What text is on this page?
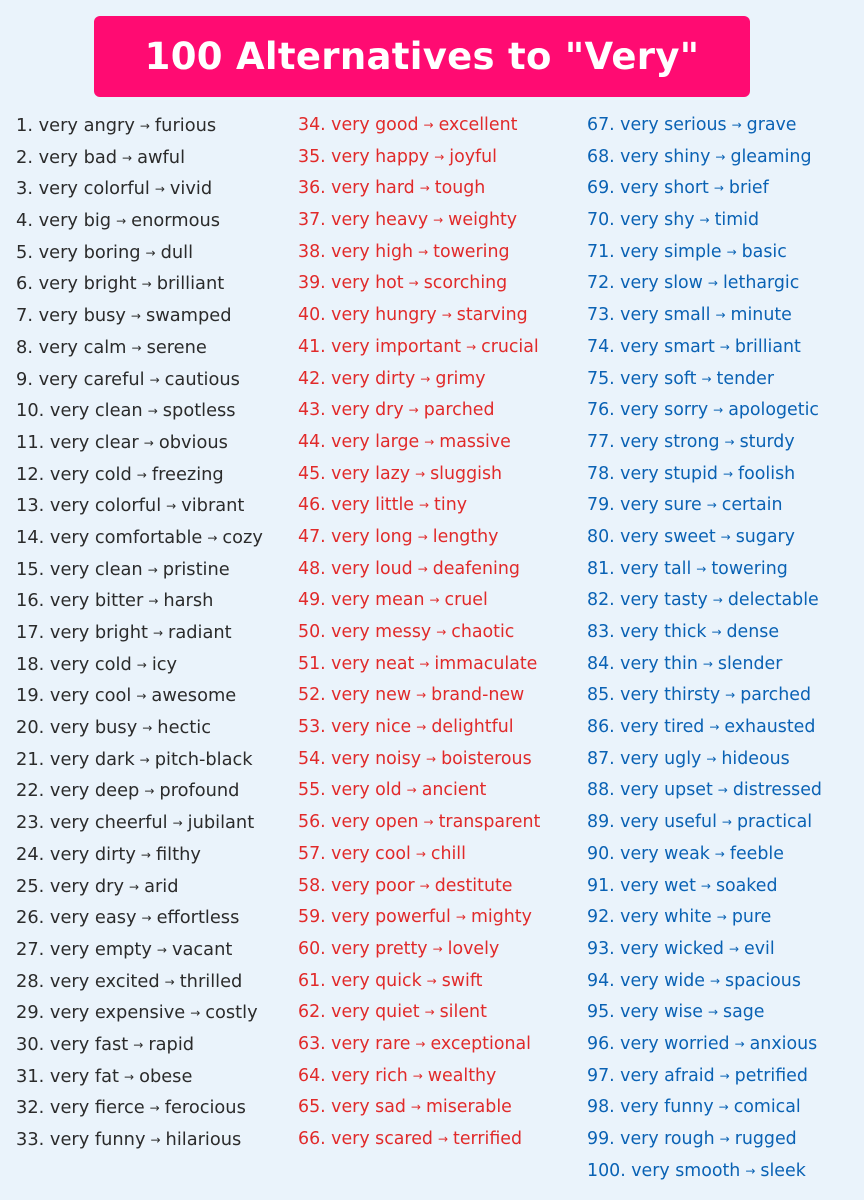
100 Alternatives to "Very"
1. very angry → furious
2. very bad → awful
3. very colorful → vivid
4. very big → enormous
5. very boring → dull
6. very bright → brilliant
7. very busy → swamped
8. very calm → serene
9. very careful → cautious
10. very clean → spotless
11. very clear → obvious
12. very cold → freezing
13. very colorful → vibrant
14. very comfortable → cozy
15. very clean → pristine
16. very bitter → harsh
17. very bright → radiant
18. very cold → icy
19. very cool → awesome
20. very busy → hectic
21. very dark → pitch-black
22. very deep → profound
23. very cheerful → jubilant
24. very dirty → filthy
25. very dry → arid
26. very easy → effortless
27. very empty → vacant
28. very excited → thrilled
29. very expensive → costly
30. very fast → rapid
31. very fat → obese
32. very fierce → ferocious
33. very funny → hilarious
34. very good → excellent
35. very happy → joyful
36. very hard → tough
37. very heavy → weighty
38. very high → towering
39. very hot → scorching
40. very hungry → starving
41. very important → crucial
42. very dirty → grimy
43. very dry → parched
44. very large → massive
45. very lazy → sluggish
46. very little → tiny
47. very long → lengthy
48. very loud → deafening
49. very mean → cruel
50. very messy → chaotic
51. very neat → immaculate
52. very new → brand-new
53. very nice → delightful
54. very noisy → boisterous
55. very old → ancient
56. very open → transparent
57. very cool → chill
58. very poor → destitute
59. very powerful → mighty
60. very pretty → lovely
61. very quick → swift
62. very quiet → silent
63. very rare → exceptional
64. very rich → wealthy
65. very sad → miserable
66. very scared → terrified
67. very serious → grave
68. very shiny → gleaming
69. very short → brief
70. very shy → timid
71. very simple → basic
72. very slow → lethargic
73. very small → minute
74. very smart → brilliant
75. very soft → tender
76. very sorry → apologetic
77. very strong → sturdy
78. very stupid → foolish
79. very sure → certain
80. very sweet → sugary
81. very tall → towering
82. very tasty → delectable
83. very thick → dense
84. very thin → slender
85. very thirsty → parched
86. very tired → exhausted
87. very ugly → hideous
88. very upset → distressed
89. very useful → practical
90. very weak → feeble
91. very wet → soaked
92. very white → pure
93. very wicked → evil
94. very wide → spacious
95. very wise → sage
96. very worried → anxious
97. very afraid → petrified
98. very funny → comical
99. very rough → rugged
100. very smooth → sleek
